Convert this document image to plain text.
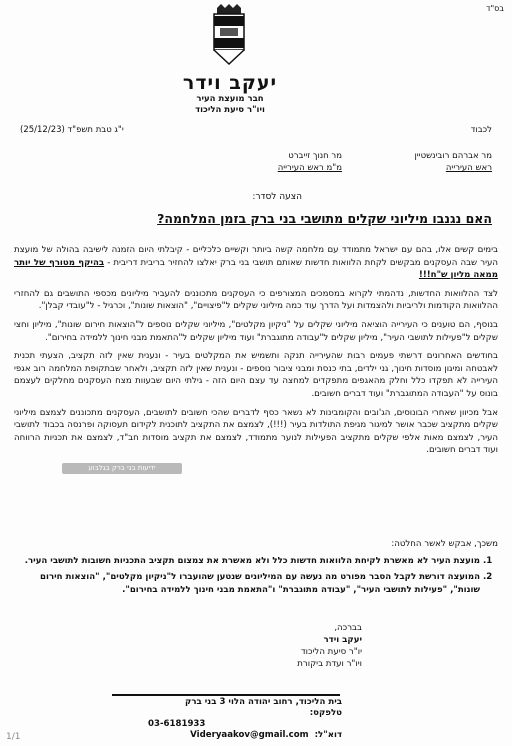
בס"ד
יעקב וידר
חבר מועצת העיר
ויו"ר סיעת הליכוד
י"ג טבת תשפ"ד (25/12/23)	לכבוד
מר אברהם רובינשטיין
ראש העירייה
מר חנוך זייברט
מ"מ ראש העירייה
הצעה לסדר:
האם נגנבו מיליוני שקלים מתושבי בני ברק בזמן המלחמה?

בימים קשים אלו, בהם עם ישראל מתמודד עם מלחמה קשה ביותר וקשיים כלכליים - קיבלתי היום הזמנה לישיבה בהולה של מועצת העיר שבה העסקנים מבקשים לקחת הלוואות חדשות שאותם תושבי בני ברק יאלצו להחזיר בריבית דריבית - בהיקף מטורף של יותר ממאה מליון ש"ח!!!

לצד ההלוואות החדשות, נדהמתי לקרוא במסמכים המצורפים כי העסקנים מתכוננים להעביר מיליונים מכספי התושבים גם להחזרי ההלוואות הקודמות ולריביות ולהצמדות ועל הדרך עוד כמה מיליוני שקלים ל"פיצויים", "הוצאות שונות", וכרגיל - ל"עובדי קבלן".

בנוסף, הם טוענים כי העירייה הוציאה מיליוני שקלים על "ניקיון מקלטים", מיליוני שקלים נוספים ל"הוצאות חירום שונות", מיליון וחצי שקלים ל"פעילות לתושבי העיר", מיליון שקלים ל"עבודה מתוגברת" ועוד מיליון שקלים ל"התאמת מבני חינוך ללמידה בחירום".

בחודשים האחרונים דרשתי פעמים רבות שהעירייה תנקה ותשמיש את המקלטים בעיר - ונענית שאין לזה תקציב, הצעתי תכנית לאבטחה ומיגון מוסדות חינוך, גני ילדים, בתי כנסת ומבני ציבור נוספים - ונענית שאין לזה תקציב, ולאחר שבתקופת המלחמה רוב אגפי העירייה לא תפקדו כלל וחלק מהאגפים מתפקדים למחצה עד עצם היום הזה - גילתי היום שבעוות מצח העסקנים מחלקים לעצמם בונוס על "העבודה המתוגברת" ועוד דברים חשובים.

אבל מכיוון שאחרי הבונוסים, הג'ובים והקומבינות לא נשאר כסף לדברים שהכי חשובים לתושבים, העסקנים מתכוננים לצמצם מיליוני שקלים מתקציב שכבר אושר למיגור מגיפת התולדות בעיר (!!!), לצמצם את התקציב לתוכנית לקידום תעסוקה ופרנסה בכבוד לתושבי העיר, לצמצם מאות אלפי שקלים מתקציב הפעילות לנוער מתמודד, לצמצם את תקציב מוסדות חב"ד, לצמצם את תכניות הרווחה ועוד דברים חשובים.

ידיעות בני ברק בגלבוע
משכך, אבקש לאשר החלטה:
1. מועצת העיר לא מאשרת לקיחת הלוואות חדשות כלל ולא מאשרת את צמצום תקציב התכניות חשובות לתושבי העיר.
2. המועצה דורשת לקבל הסבר מפורט מה נעשה עם המיליונים שנטען שהועברו ל"ניקיון מקלטים", "הוצאות חירום שונות", "פעילות לתושבי העיר", "עבודה מתוגברת" ו"התאמת מבני חינוך ללמידה בחירום".
בברכה,
יעקב וידר
יו"ר סיעת הליכוד
ויו"ר ועדת ביקורת
בית הליכוד, רחוב יהודה הלוי 3 בני ברק
טלפקס:
03-6181933
דוא"ל:
Videryaakov@gmail.com
1/1
